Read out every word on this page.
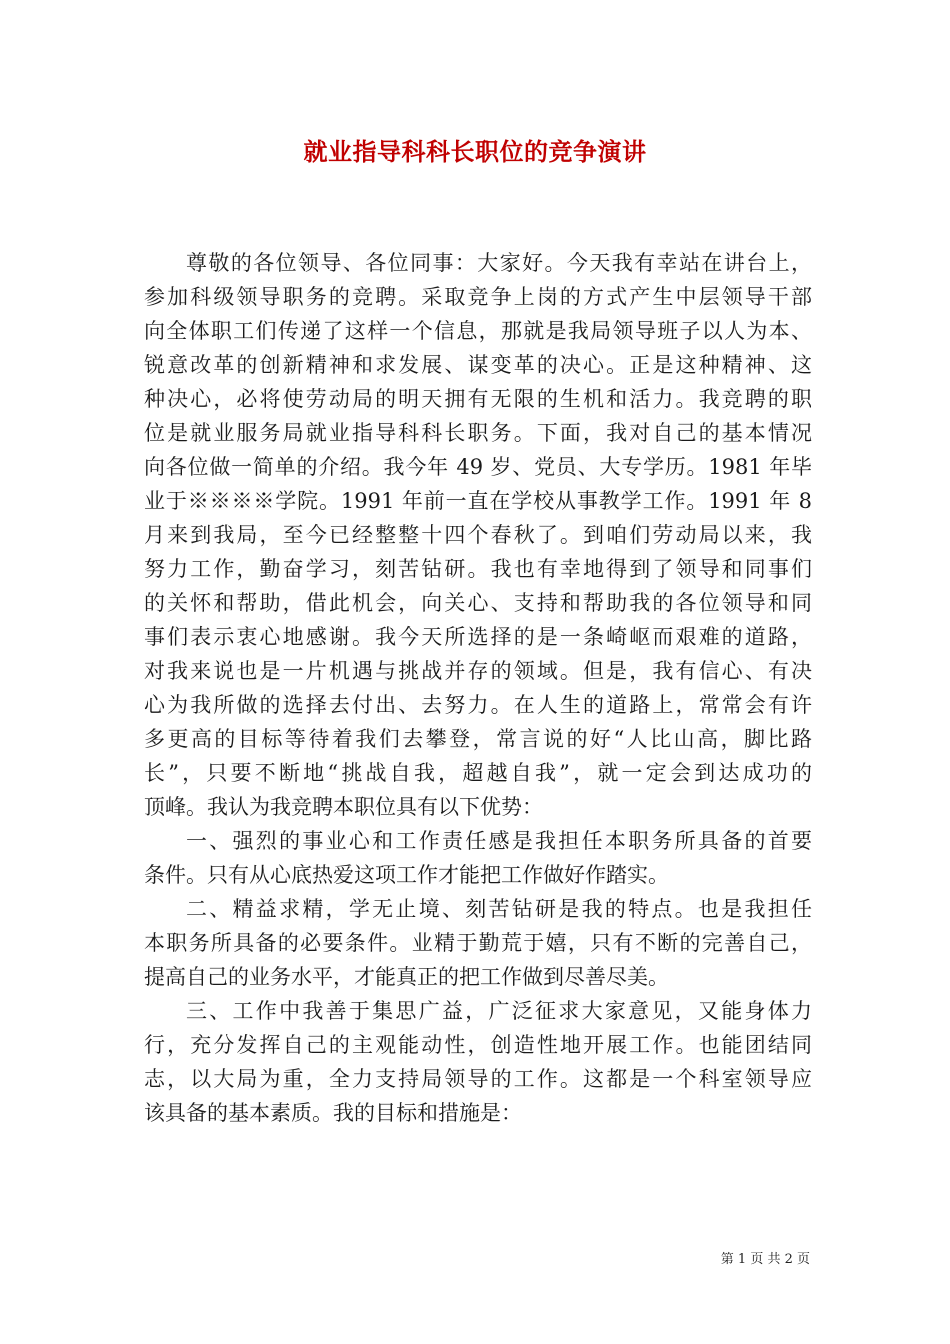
就业指导科科长职位的竞争演讲
尊敬的各位领导、各位同事：大家好。今天我有幸站在讲台上，
参加科级领导职务的竞聘。采取竞争上岗的方式产生中层领导干部
向全体职工们传递了这样一个信息，那就是我局领导班子以人为本、
锐意改革的创新精神和求发展、谋变革的决心。正是这种精神、这
种决心，必将使劳动局的明天拥有无限的生机和活力。我竞聘的职
位是就业服务局就业指导科科长职务。下面，我对自己的基本情况
向各位做一简单的介绍。我今年 49 岁、党员、大专学历。1981 年毕
业于※※※※学院。1991 年前一直在学校从事教学工作。1991 年 8
月来到我局，至今已经整整十四个春秋了。到咱们劳动局以来，我
努力工作，勤奋学习，刻苦钻研。我也有幸地得到了领导和同事们
的关怀和帮助，借此机会，向关心、支持和帮助我的各位领导和同
事们表示衷心地感谢。我今天所选择的是一条崎岖而艰难的道路，
对我来说也是一片机遇与挑战并存的领域。但是，我有信心、有决
心为我所做的选择去付出、去努力。在人生的道路上，常常会有许
多更高的目标等待着我们去攀登，常言说的好“人比山高，脚比路
长”，只要不断地“挑战自我，超越自我”，就一定会到达成功的
顶峰。我认为我竞聘本职位具有以下优势：
一、强烈的事业心和工作责任感是我担任本职务所具备的首要
条件。只有从心底热爱这项工作才能把工作做好作踏实。
二、精益求精，学无止境、刻苦钻研是我的特点。也是我担任
本职务所具备的必要条件。业精于勤荒于嬉，只有不断的完善自己，
提高自己的业务水平，才能真正的把工作做到尽善尽美。
三、工作中我善于集思广益，广泛征求大家意见，又能身体力
行，充分发挥自己的主观能动性，创造性地开展工作。也能团结同
志，以大局为重，全力支持局领导的工作。这都是一个科室领导应
该具备的基本素质。我的目标和措施是：
第 1 页 共 2 页
